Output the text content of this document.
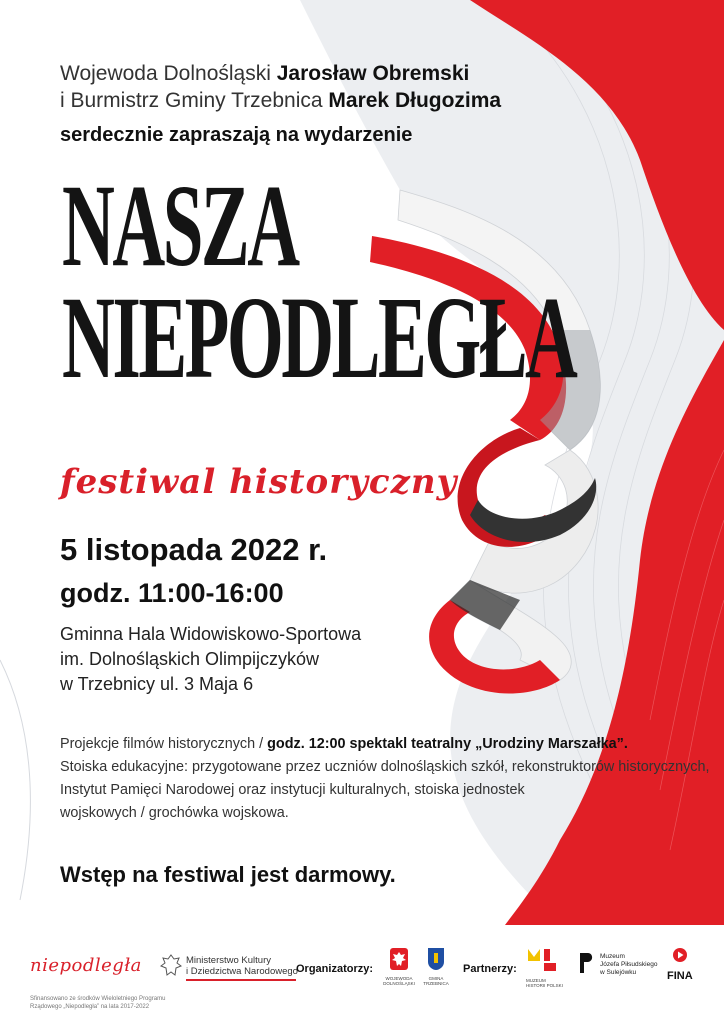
Wojewoda Dolnośląski Jarosław Obremski
i Burmistrz Gminy Trzebnica Marek Długozima
serdecznie zapraszają na wydarzenie
NASZA
NIEPODLEGŁA
festiwal historyczny
5 listopada 2022 r.
godz. 11:00-16:00
Gminna Hala Widowiskowo-Sportowa
im. Dolnośląskich Olimpijczyków
w Trzebnicy ul. 3 Maja 6
Projekcje filmów historycznych / godz. 12:00 spektakl teatralny „Urodziny Marszałka”.
Stoiska edukacyjne: przygotowane przez uczniów dolnośląskich szkół, rekonstruktorów historycznych,
Instytut Pamięci Narodowej oraz instytucji kulturalnych, stoiska jednostek
wojskowych / grochówka wojskowa.
Wstęp na festiwal jest darmowy.
niepodległa
Sfinansowano ze środków Wieloletniego Programu Rządowego „Niepodległa” na lata 2017-2022
Ministerstwo Kultury
i Dziedzictwa Narodowego
Organizatorzy:
WOJEWODA DOLNOŚLĄSKI
GMINA TRZEBNICA
Partnerzy:
MUZEUM HISTORII POLSKI
Muzeum
Józefa Piłsudskiego
w Sulejówku	FINA
